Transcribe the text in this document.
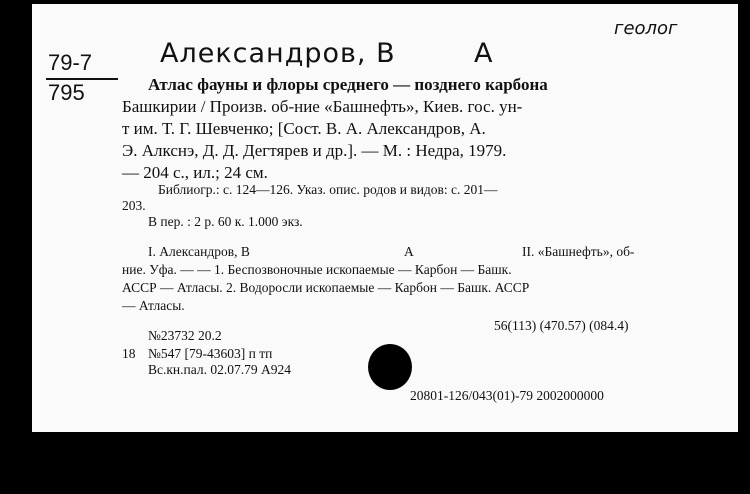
геолог
79-7
795
Александров, В	А
Атлас фауны и флоры среднего — позднего карбона
Башкирии / Произв. об-ние «Башнефть», Киев. гос. ун-
т им. Т. Г. Шевченко; [Сост. В. А. Александров, А.
Э. Алкснэ, Д. Д. Дегтярев и др.]. — М. : Недра, 1979.
— 204 с., ил.; 24 см.
Библиогр.: с. 124—126. Указ. опис. родов и видов: с. 201—
203.
В пер. : 2 р. 60 к. 1.000 экз.
I. Александров, В	А	II. «Башнефть», об-
ние. Уфа. — — 1. Беспозвоночные ископаемые — Карбон — Башк.
АССР — Атласы. 2. Водоросли ископаемые — Карбон — Башк. АССР
— Атласы.
56(113) (470.57) (084.4)
№23732 20.2
18 №547 [79-43603] п тп
Вс.кн.пал. 02.07.79 А924
20801-126/043(01)-79 2002000000
